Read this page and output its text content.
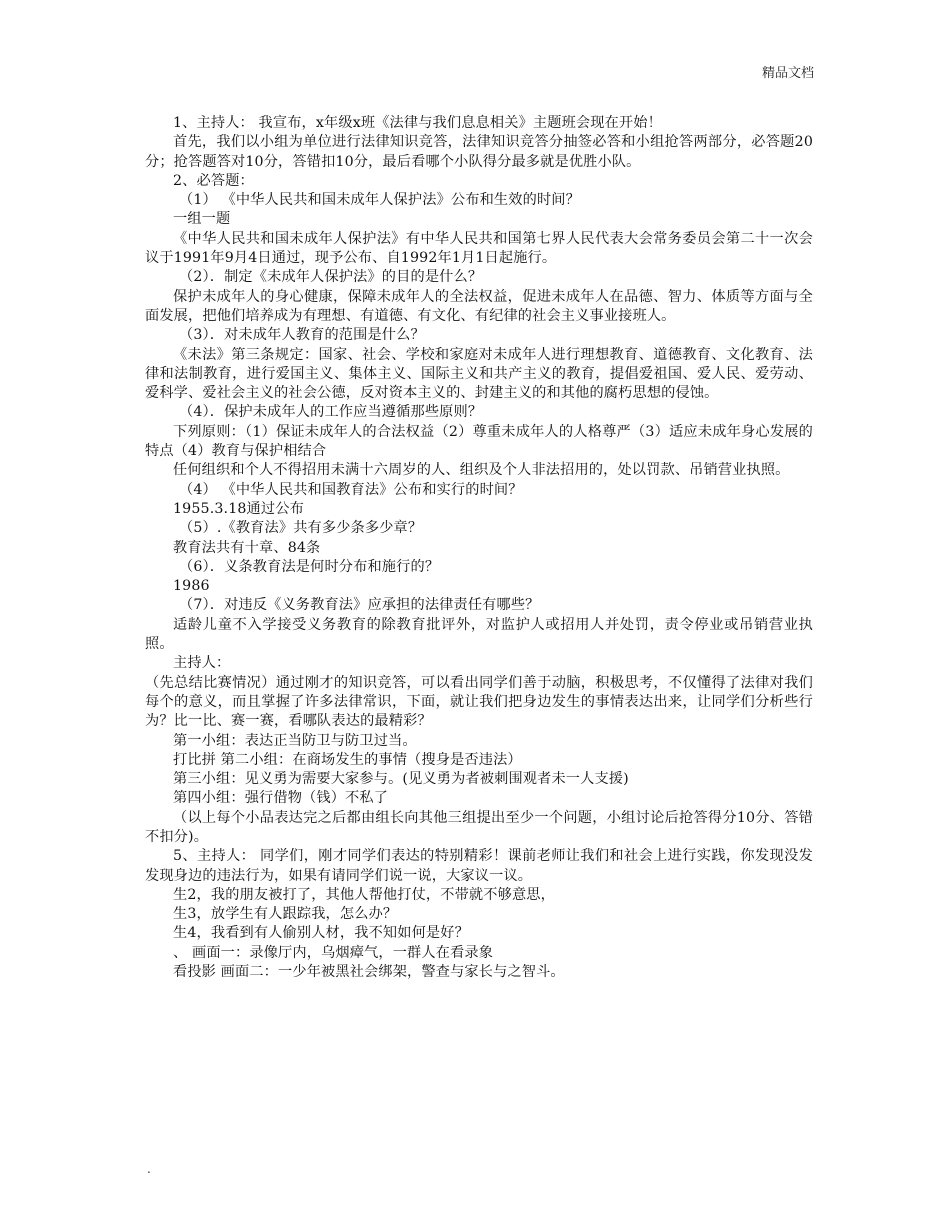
精品文档

1、主持人： 我宣布，x年级x班《法律与我们息息相关》主题班会现在开始！

首先，我们以小组为单位进行法律知识竞答，法律知识竞答分抽签必答和小组抢答两部分，必答题20分；抢答题答对10分，答错扣10分，最后看哪个小队得分最多就是优胜小队。

2、必答题：

（1） 《中华人民共和国未成年人保护法》公布和生效的时间？

一组一题

《中华人民共和国未成年人保护法》有中华人民共和国第七界人民代表大会常务委员会第二十一次会议于1991年9月4日通过，现予公布、自1992年1月1日起施行。

（2）．制定《未成年人保护法》的目的是什么？

保护未成年人的身心健康，保障未成年人的全法权益，促进未成年人在品德、智力、体质等方面与全面发展，把他们培养成为有理想、有道德、有文化、有纪律的社会主义事业接班人。

（3）．对未成年人教育的范围是什么？

《未法》第三条规定：国家、社会、学校和家庭对未成年人进行理想教育、道德教育、文化教育、法律和法制教育，进行爱国主义、集体主义、国际主义和共产主义的教育，提倡爱祖国、爱人民、爱劳动、爱科学、爱社会主义的社会公德，反对资本主义的、封建主义的和其他的腐朽思想的侵蚀。

（4）．保护未成年人的工作应当遵循那些原则？

下列原则：（1）保证未成年人的合法权益（2）尊重未成年人的人格尊严（3）适应未成年身心发展的特点（4）教育与保护相结合

任何组织和个人不得招用未满十六周岁的人、组织及个人非法招用的，处以罚款、吊销营业执照。

（4） 《中华人民共和国教育法》公布和实行的时间？

1955.3.18通过公布

（5）.《教育法》共有多少条多少章？

教育法共有十章、84条

（6）．义条教育法是何时分布和施行的？

1986

（7）．对违反《义务教育法》应承担的法律责任有哪些？

适龄儿童不入学接受义务教育的除教育批评外，对监护人或招用人并处罚，责令停业或吊销营业执照。

主持人：

（先总结比赛情况）通过刚才的知识竞答，可以看出同学们善于动脑，积极思考，不仅懂得了法律对我们每个的意义，而且掌握了许多法律常识，下面，就让我们把身边发生的事情表达出来，让同学们分析些行为？比一比、赛一赛，看哪队表达的最精彩？

第一小组：表达正当防卫与防卫过当。

打比拼 第二小组：在商场发生的事情（搜身是否违法）

第三小组：见义勇为需要大家参与。(见义勇为者被刺围观者未一人支援)

第四小组：强行借物（钱）不私了

（以上每个小品表达完之后都由组长向其他三组提出至少一个问题，小组讨论后抢答得分10分、答错不扣分)。

5、主持人： 同学们，刚才同学们表达的特别精彩！课前老师让我们和社会上进行实践，你发现没发发现身边的违法行为，如果有请同学们说一说，大家议一议。

生2，我的朋友被打了，其他人帮他打仗，不带就不够意思，

生3，放学生有人跟踪我，怎么办？

生4，我看到有人偷别人材，我不知如何是好？

、 画面一：录像厅内，乌烟瘴气，一群人在看录象

看投影 画面二：一少年被黑社会绑架，警查与家长与之智斗。

.
